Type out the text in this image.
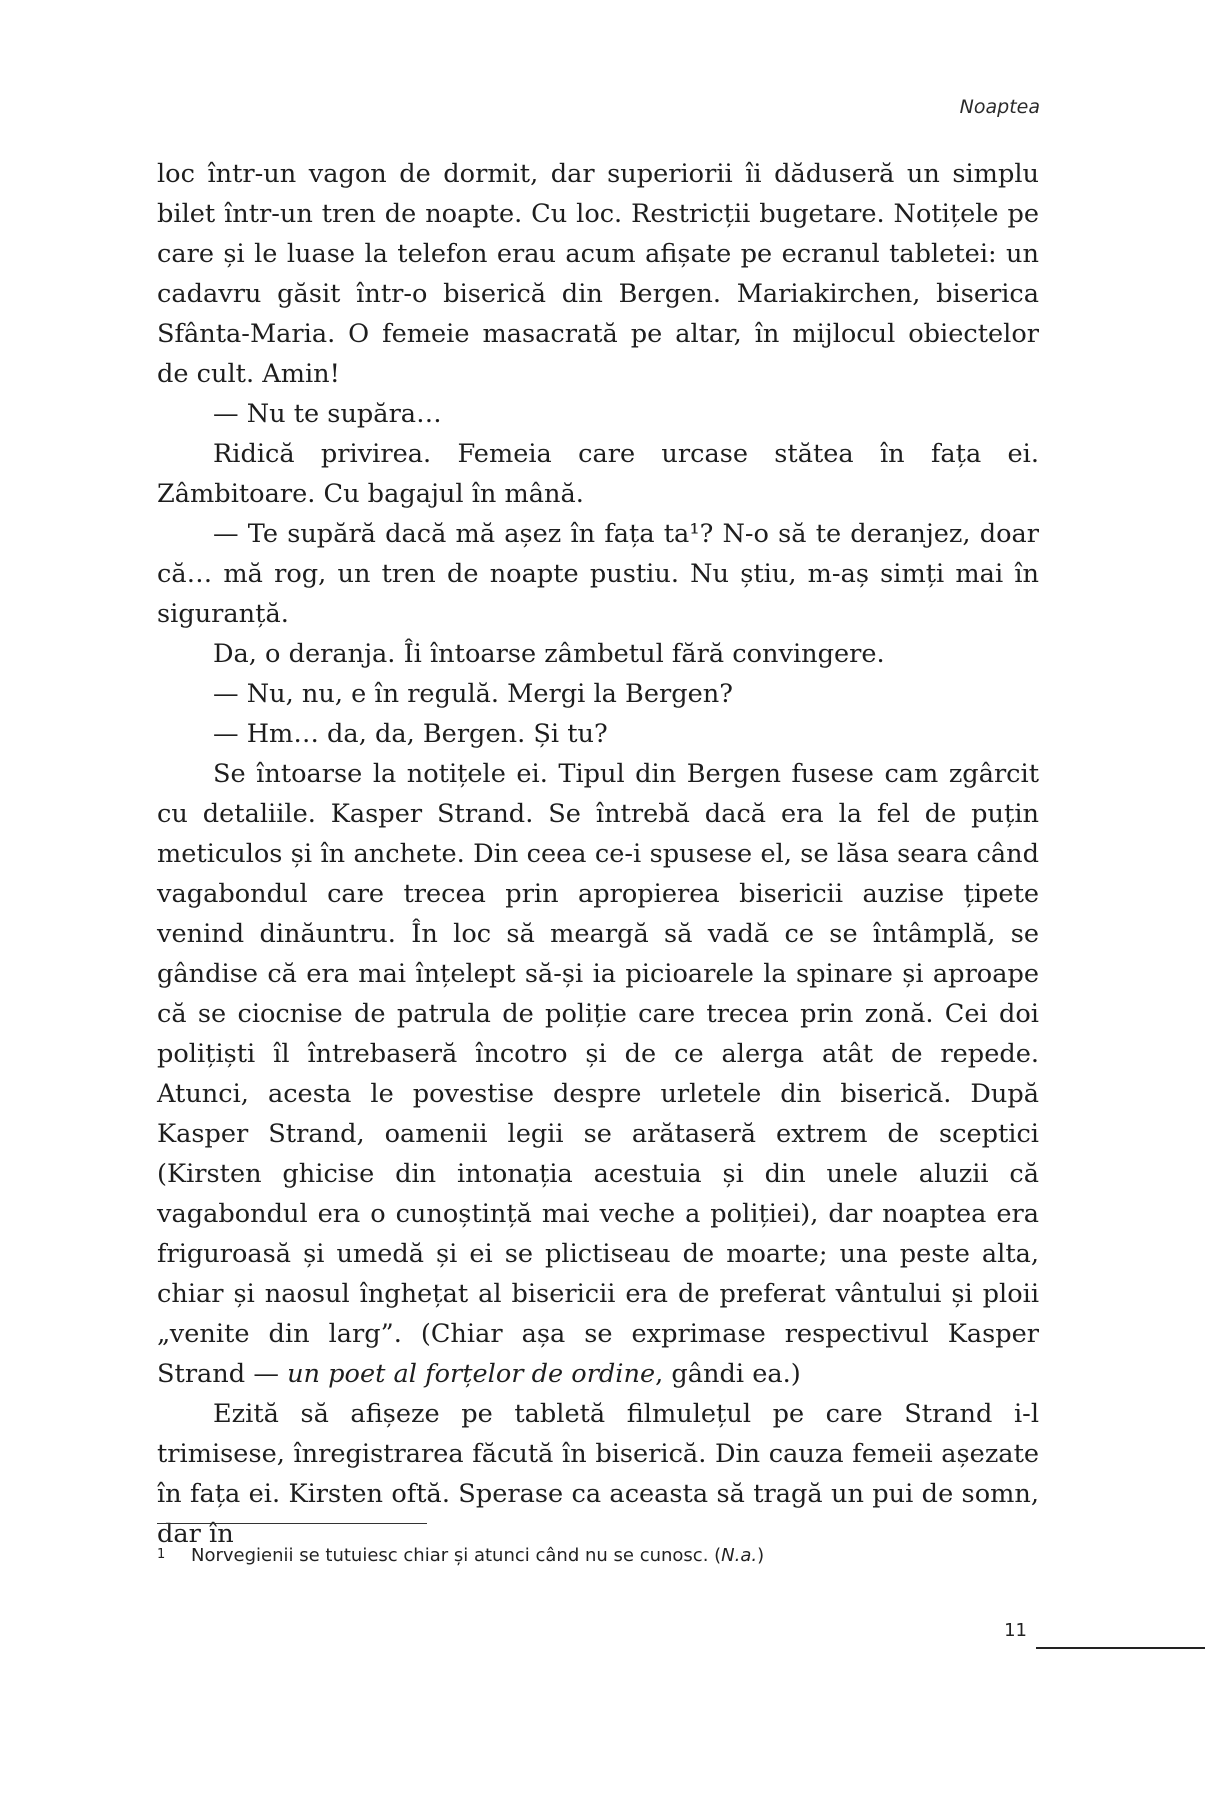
Noaptea

loc într-un vagon de dormit, dar superiorii îi dăduseră un simplu bilet într-un tren de noapte. Cu loc. Restricții bugetare. Notițele pe care și le luase la telefon erau acum afișate pe ecranul tabletei: un cadavru găsit într-o biserică din Bergen. Mariakirchen, biserica Sfânta-Maria. O femeie masacrată pe altar, în mijlocul obiectelor de cult. Amin!

— Nu te supăra…

Ridică privirea. Femeia care urcase stătea în fața ei. Zâmbitoare. Cu bagajul în mână.

— Te supără dacă mă așez în fața ta¹? N-o să te deranjez, doar că… mă rog, un tren de noapte pustiu. Nu știu, m-aș simți mai în siguranță.

Da, o deranja. Îi întoarse zâmbetul fără convingere.

— Nu, nu, e în regulă. Mergi la Bergen?

— Hm… da, da, Bergen. Și tu?

Se întoarse la notițele ei. Tipul din Bergen fusese cam zgârcit cu detaliile. Kasper Strand. Se întrebă dacă era la fel de puțin meticulos și în anchete. Din ceea ce-i spusese el, se lăsa seara când vagabondul care trecea prin apropierea bisericii auzise țipete venind dinăuntru. În loc să meargă să vadă ce se întâmplă, se gândise că era mai înțelept să-și ia picioarele la spinare și aproape că se ciocnise de patrula de poliție care trecea prin zonă. Cei doi polițiști îl întrebaseră încotro și de ce alerga atât de repede. Atunci, acesta le povestise despre urletele din biserică. După Kasper Strand, oamenii legii se arătaseră extrem de sceptici (Kirsten ghicise din intonația acestuia și din unele aluzii că vagabondul era o cunoștință mai veche a poliției), dar noaptea era friguroasă și umedă și ei se plictiseau de moarte; una peste alta, chiar și naosul înghețat al bisericii era de preferat vântului și ploii „venite din larg”. (Chiar așa se exprimase respectivul Kasper Strand — un poet al forțelor de ordine, gândi ea.)

Ezită să afișeze pe tabletă filmulețul pe care Strand i-l trimisese, înregistrarea făcută în biserică. Din cauza femeii așezate în fața ei. Kirsten oftă. Sperase ca aceasta să tragă un pui de somn, dar în

1 Norvegienii se tutuiesc chiar și atunci când nu se cunosc. (N.a.)

11
